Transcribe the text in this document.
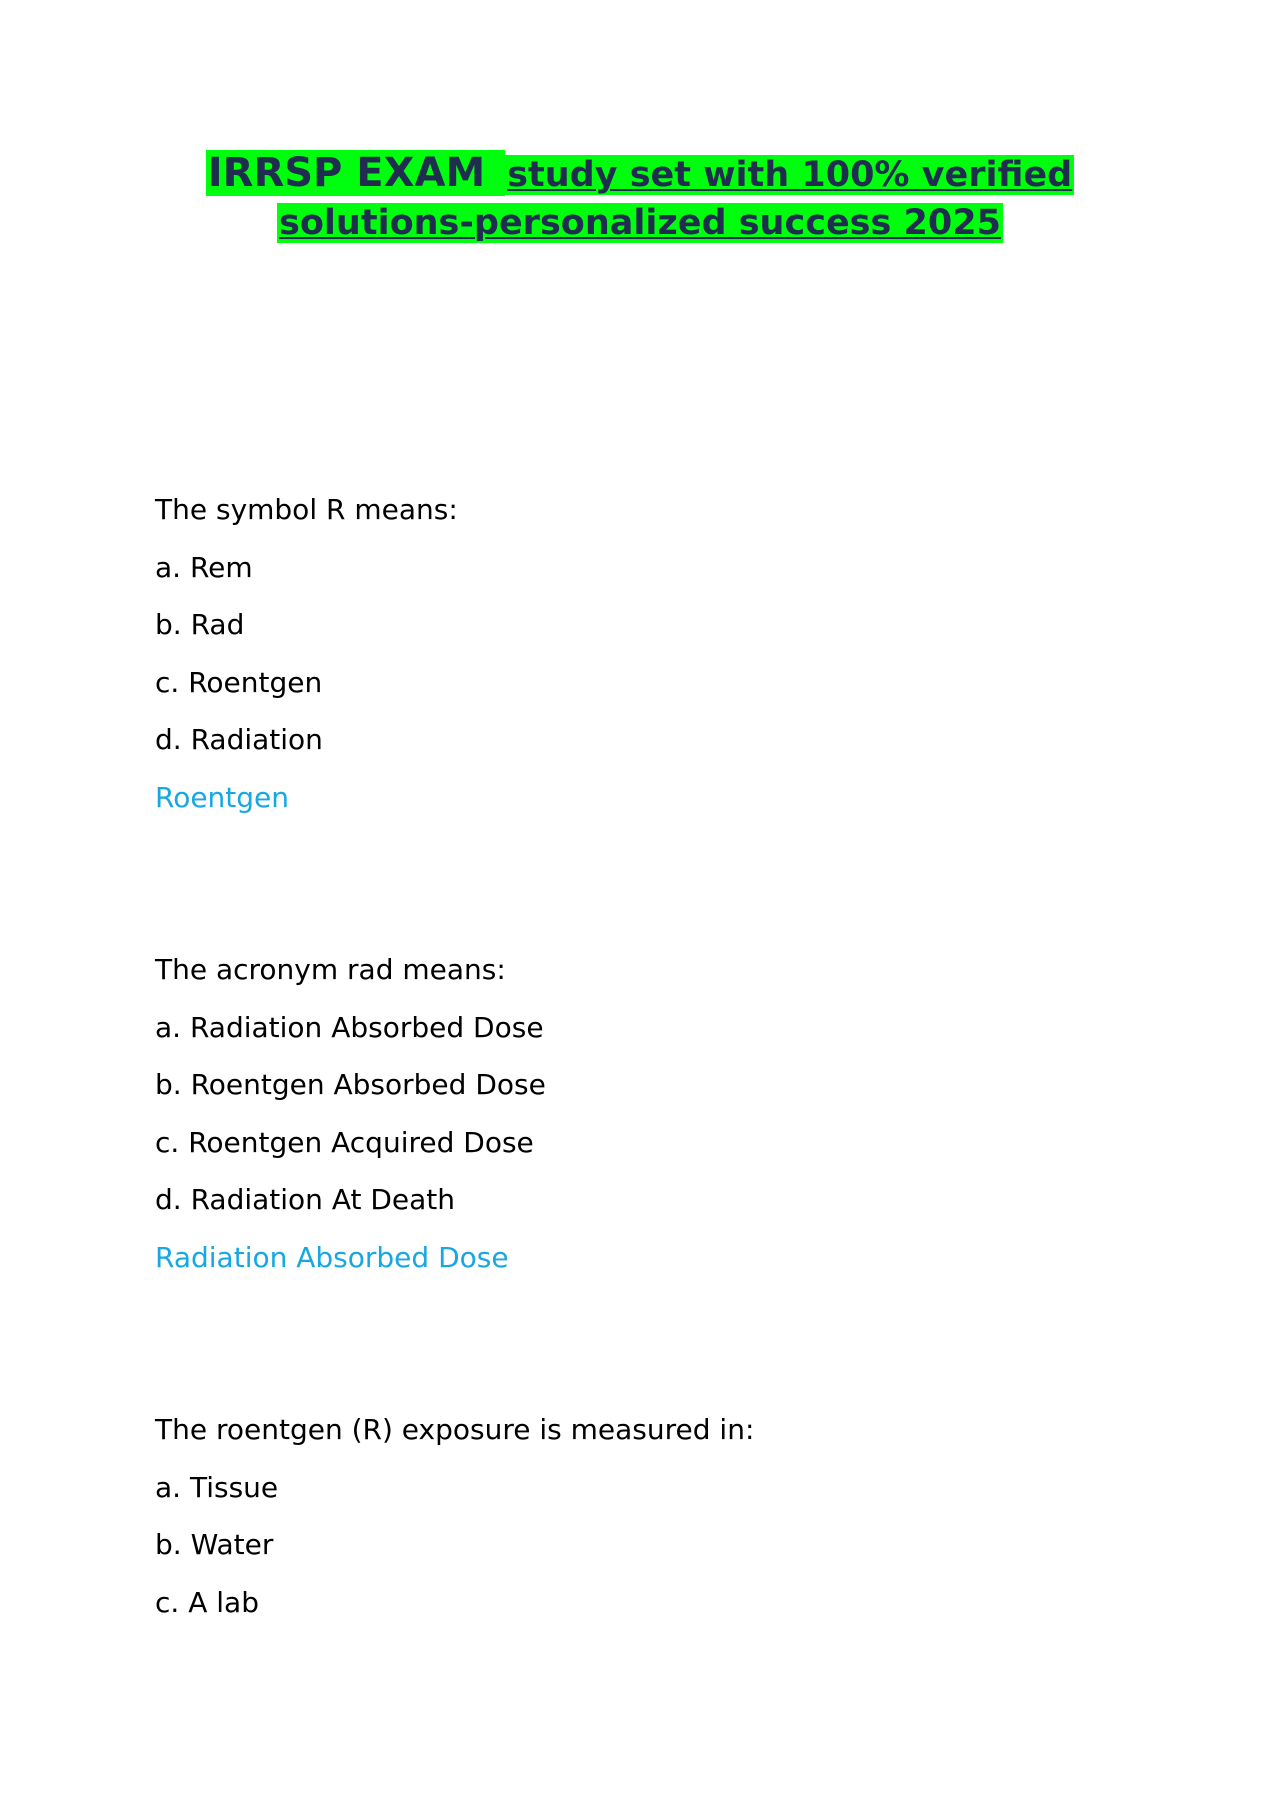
IRRSP EXAM study set with 100% verified
solutions-personalized success 2025
The symbol R means:
a. Rem
b. Rad
c. Roentgen
d. Radiation
Roentgen
The acronym rad means:
a. Radiation Absorbed Dose
b. Roentgen Absorbed Dose
c. Roentgen Acquired Dose
d. Radiation At Death
Radiation Absorbed Dose
The roentgen (R) exposure is measured in:
a. Tissue
b. Water
c. A lab
